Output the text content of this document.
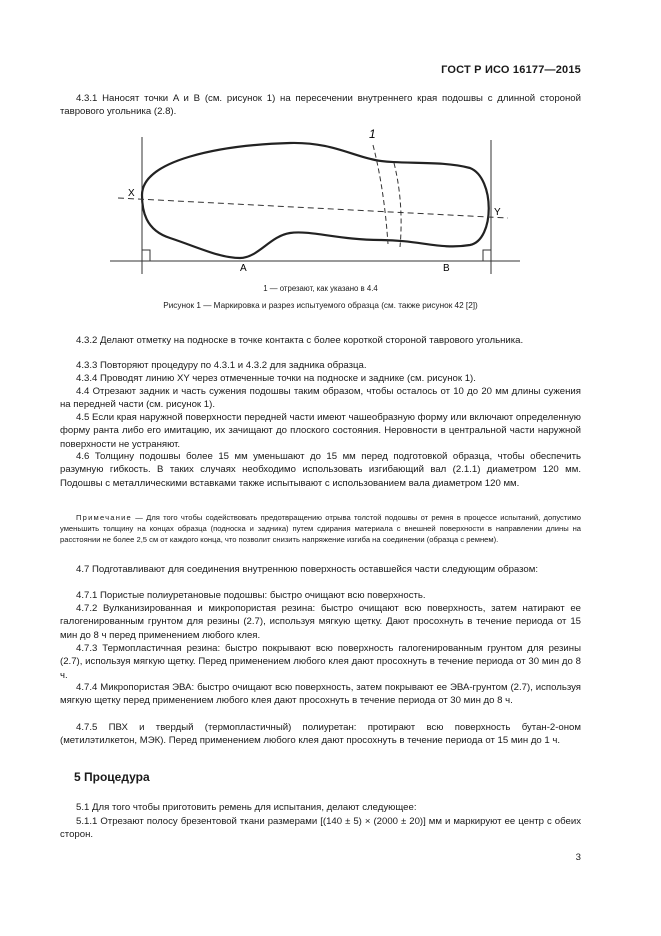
ГОСТ Р ИСО 16177—2015
4.3.1 Наносят точки A и B (см. рисунок 1) на пересечении внутреннего края подошвы с длинной стороной таврового угольника (2.8).
X
Y
A	B
1
1 — отрезают, как указано в 4.4
Рисунок 1 — Маркировка и разрез испытуемого образца (см. также рисунок 42 [2])
4.3.2 Делают отметку на подноске в точке контакта с более короткой стороной таврового угольника.
4.3.3 Повторяют процедуру по 4.3.1 и 4.3.2 для задника образца.
4.3.4 Проводят линию XY через отмеченные точки на подноске и заднике (см. рисунок 1).
4.4 Отрезают задник и часть сужения подошвы таким образом, чтобы осталось от 10 до 20 мм длины сужения на передней части (см. рисунок 1).
4.5 Если края наружной поверхности передней части имеют чашеобразную форму или включают определенную форму ранта либо его имитацию, их зачищают до плоского состояния. Неровности в центральной части наружной поверхности не устраняют.
4.6 Толщину подошвы более 15 мм уменьшают до 15 мм перед подготовкой образца, чтобы обеспечить разумную гибкость. В таких случаях необходимо использовать изгибающий вал (2.1.1) диаметром 120 мм. Подошвы с металлическими вставками также испытывают с использованием вала диаметром 120 мм.
Примечание — Для того чтобы содействовать предотвращению отрыва толстой подошвы от ремня в процессе испытаний, допустимо уменьшить толщину на концах образца (подноска и задника) путем сдирания материала с внешней поверхности в направлении длины на расстоянии не более 2,5 см от каждого конца, что позволит снизить напряжение изгиба на соединении (образца с ремнем).
4.7 Подготавливают для соединения внутреннюю поверхность оставшейся части следующим образом:
4.7.1 Пористые полиуретановые подошвы: быстро очищают всю поверхность.
4.7.2 Вулканизированная и микропористая резина: быстро очищают всю поверхность, затем натирают ее галогенированным грунтом для резины (2.7), используя мягкую щетку. Дают просохнуть в течение периода от 15 мин до 8 ч перед применением любого клея.
4.7.3 Термопластичная резина: быстро покрывают всю поверхность галогенированным грунтом для резины (2.7), используя мягкую щетку. Перед применением любого клея дают просохнуть в течение периода от 30 мин до 8 ч.
4.7.4 Микропористая ЭВА: быстро очищают всю поверхность, затем покрывают ее ЭВА-грунтом (2.7), используя мягкую щетку перед применением любого клея дают просохнуть в течение периода от 30 мин до 8 ч.
4.7.5 ПВХ и твердый (термопластичный) полиуретан: протирают всю поверхность бутан-2-оном (метилэтилкетон, МЭК). Перед применением любого клея дают просохнуть в течение периода от 15 мин до 1 ч.
5 Процедура
5.1 Для того чтобы приготовить ремень для испытания, делают следующее:
5.1.1 Отрезают полосу брезентовой ткани размерами [(140 ± 5) × (2000 ± 20)] мм и маркируют ее центр с обеих сторон.
3
